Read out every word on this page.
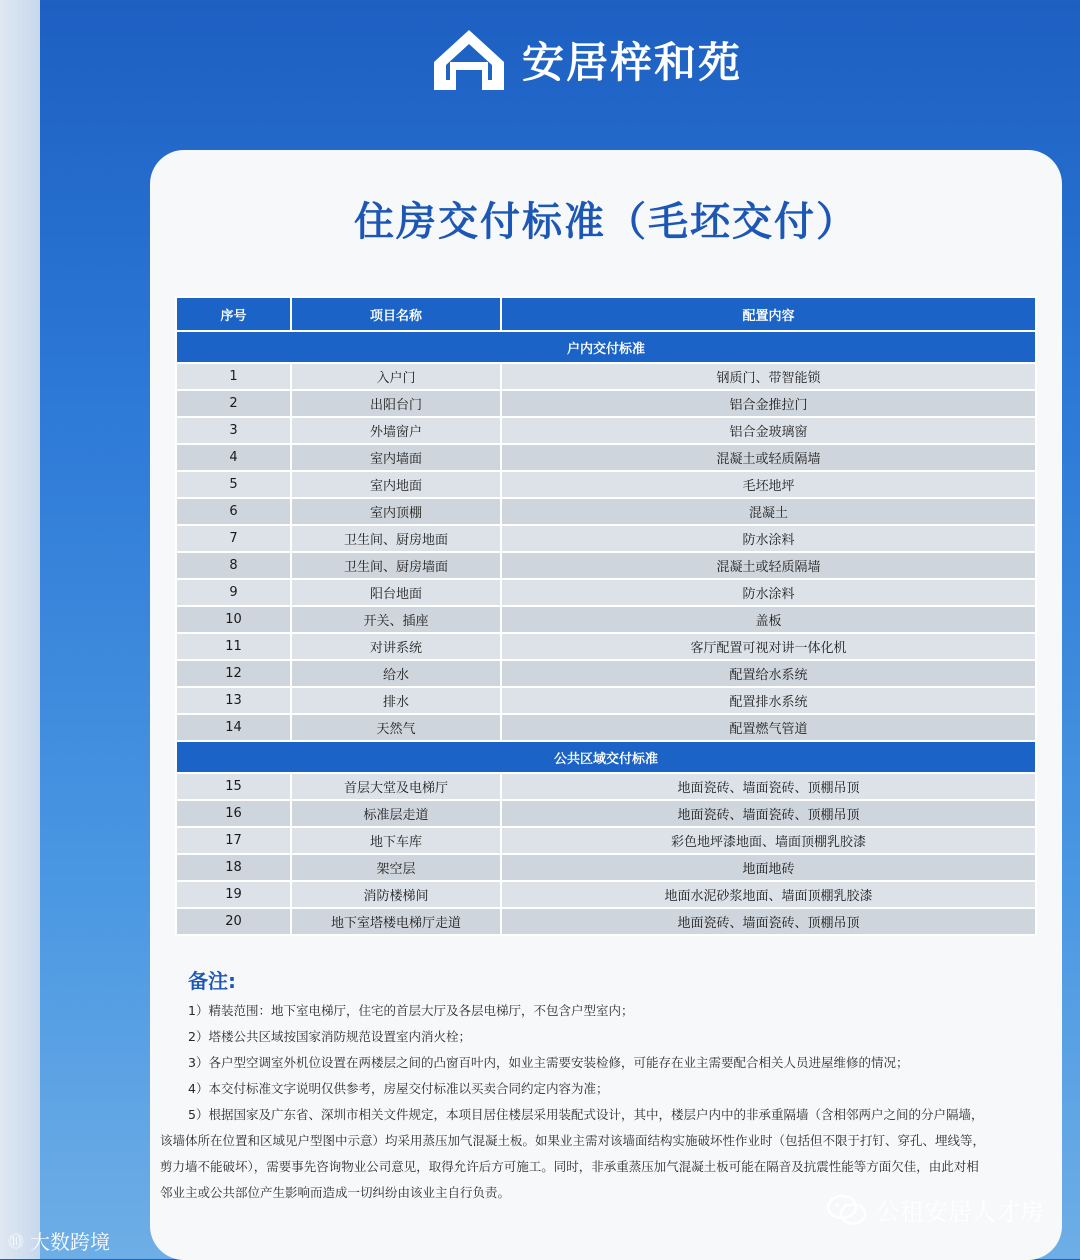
安居梓和苑
住房交付标准（毛坯交付）
序号	项目名称	配置内容
户内交付标准		
1	入户门	钢质门、带智能锁
2	出阳台门	铝合金推拉门
3	外墙窗户	铝合金玻璃窗
4	室内墙面	混凝土或轻质隔墙
5	室内地面	毛坯地坪
6	室内顶棚	混凝土
7	卫生间、厨房地面	防水涂料
8	卫生间、厨房墙面	混凝土或轻质隔墙
9	阳台地面	防水涂料
10	开关、插座	盖板
11	对讲系统	客厅配置可视对讲一体化机
12	给水	配置给水系统
13	排水	配置排水系统
14	天然气	配置燃气管道
公共区域交付标准		
15	首层大堂及电梯厅	地面瓷砖、墙面瓷砖、顶棚吊顶
16	标准层走道	地面瓷砖、墙面瓷砖、顶棚吊顶
17	地下车库	彩色地坪漆地面、墙面顶棚乳胶漆
18	架空层	地面地砖
19	消防楼梯间	地面水泥砂浆地面、墙面顶棚乳胶漆
20	地下室塔楼电梯厅走道	地面瓷砖、墙面瓷砖、顶棚吊顶
备注:

1）精装范围：地下室电梯厅，住宅的首层大厅及各层电梯厅，不包含户型室内；

2）塔楼公共区域按国家消防规范设置室内消火栓；

3）各户型空调室外机位设置在两楼层之间的凸窗百叶内，如业主需要安装检修，可能存在业主需要配合相关人员进屋维修的情况；

4）本交付标准文字说明仅供参考，房屋交付标准以买卖合同约定内容为准；

5）根据国家及广东省、深圳市相关文件规定，本项目居住楼层采用装配式设计，其中，楼层户内中的非承重隔墙（含相邻两户之间的分户隔墙，

该墙体所在位置和区域见户型图中示意）均采用蒸压加气混凝土板。如果业主需对该墙面结构实施破坏性作业时（包括但不限于打钉、穿孔、埋线等，

剪力墙不能破坏），需要事先咨询物业公司意见，取得允许后方可施工。同时，非承重蒸压加气混凝土板可能在隔音及抗震性能等方面欠佳，由此对相

邻业主或公共部位产生影响而造成一切纠纷由该业主自行负责。

公租安居人才房
⓾ 大数跨境
